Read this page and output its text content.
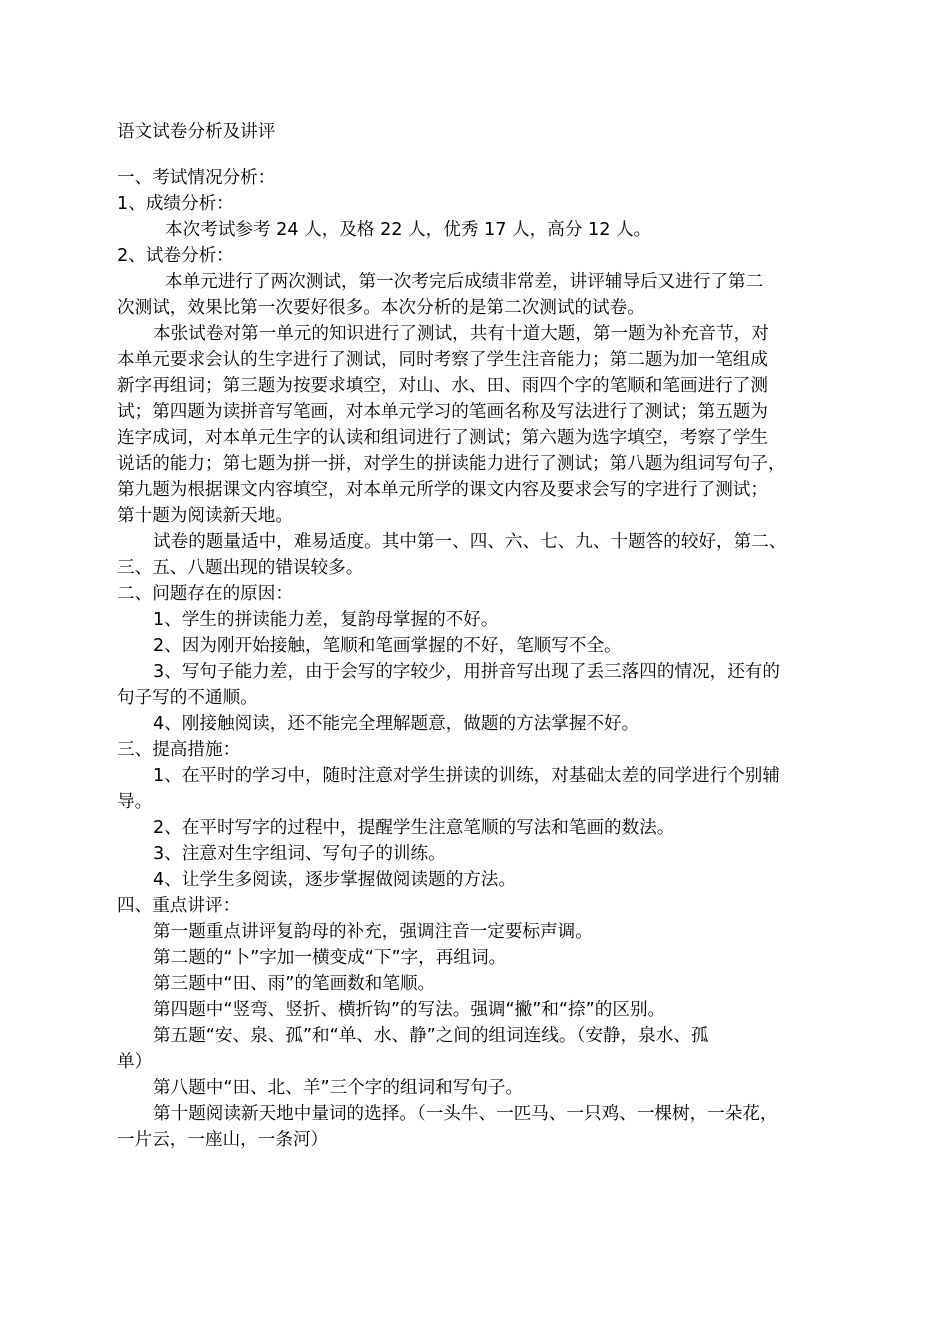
语文试卷分析及讲评
一、考试情况分析：
1、成绩分析：
本次考试参考 24 人，及格 22 人，优秀 17 人，高分 12 人。
2、试卷分析：
本单元进行了两次测试，第一次考完后成绩非常差，讲评辅导后又进行了第二
次测试，效果比第一次要好很多。本次分析的是第二次测试的试卷。
本张试卷对第一单元的知识进行了测试，共有十道大题，第一题为补充音节，对
本单元要求会认的生字进行了测试，同时考察了学生注音能力；第二题为加一笔组成
新字再组词；第三题为按要求填空，对山、水、田、雨四个字的笔顺和笔画进行了测
试；第四题为读拼音写笔画，对本单元学习的笔画名称及写法进行了测试；第五题为
连字成词，对本单元生字的认读和组词进行了测试；第六题为选字填空，考察了学生
说话的能力；第七题为拼一拼，对学生的拼读能力进行了测试；第八题为组词写句子，
第九题为根据课文内容填空，对本单元所学的课文内容及要求会写的字进行了测试；
第十题为阅读新天地。
试卷的题量适中，难易适度。其中第一、四、六、七、九、十题答的较好，第二、
三、五、八题出现的错误较多。
二、问题存在的原因：
1、学生的拼读能力差，复韵母掌握的不好。
2、因为刚开始接触，笔顺和笔画掌握的不好，笔顺写不全。
3、写句子能力差，由于会写的字较少，用拼音写出现了丢三落四的情况，还有的
句子写的不通顺。
4、刚接触阅读，还不能完全理解题意，做题的方法掌握不好。
三、提高措施：
1、在平时的学习中，随时注意对学生拼读的训练，对基础太差的同学进行个别辅
导。
2、在平时写字的过程中，提醒学生注意笔顺的写法和笔画的数法。
3、注意对生字组词、写句子的训练。
4、让学生多阅读，逐步掌握做阅读题的方法。
四、重点讲评：
第一题重点讲评复韵母的补充，强调注音一定要标声调。
第二题的“卜”字加一横变成“下”字，再组词。
第三题中“田、雨”的笔画数和笔顺。
第四题中“竖弯、竖折、横折钩”的写法。强调“撇”和“捺”的区别。
第五题“安、泉、孤”和“单、水、静”之间的组词连线。（安静，泉水、孤
单）
第八题中“田、北、羊”三个字的组词和写句子。
第十题阅读新天地中量词的选择。（一头牛、一匹马、一只鸡、一棵树，一朵花，
一片云，一座山，一条河）
